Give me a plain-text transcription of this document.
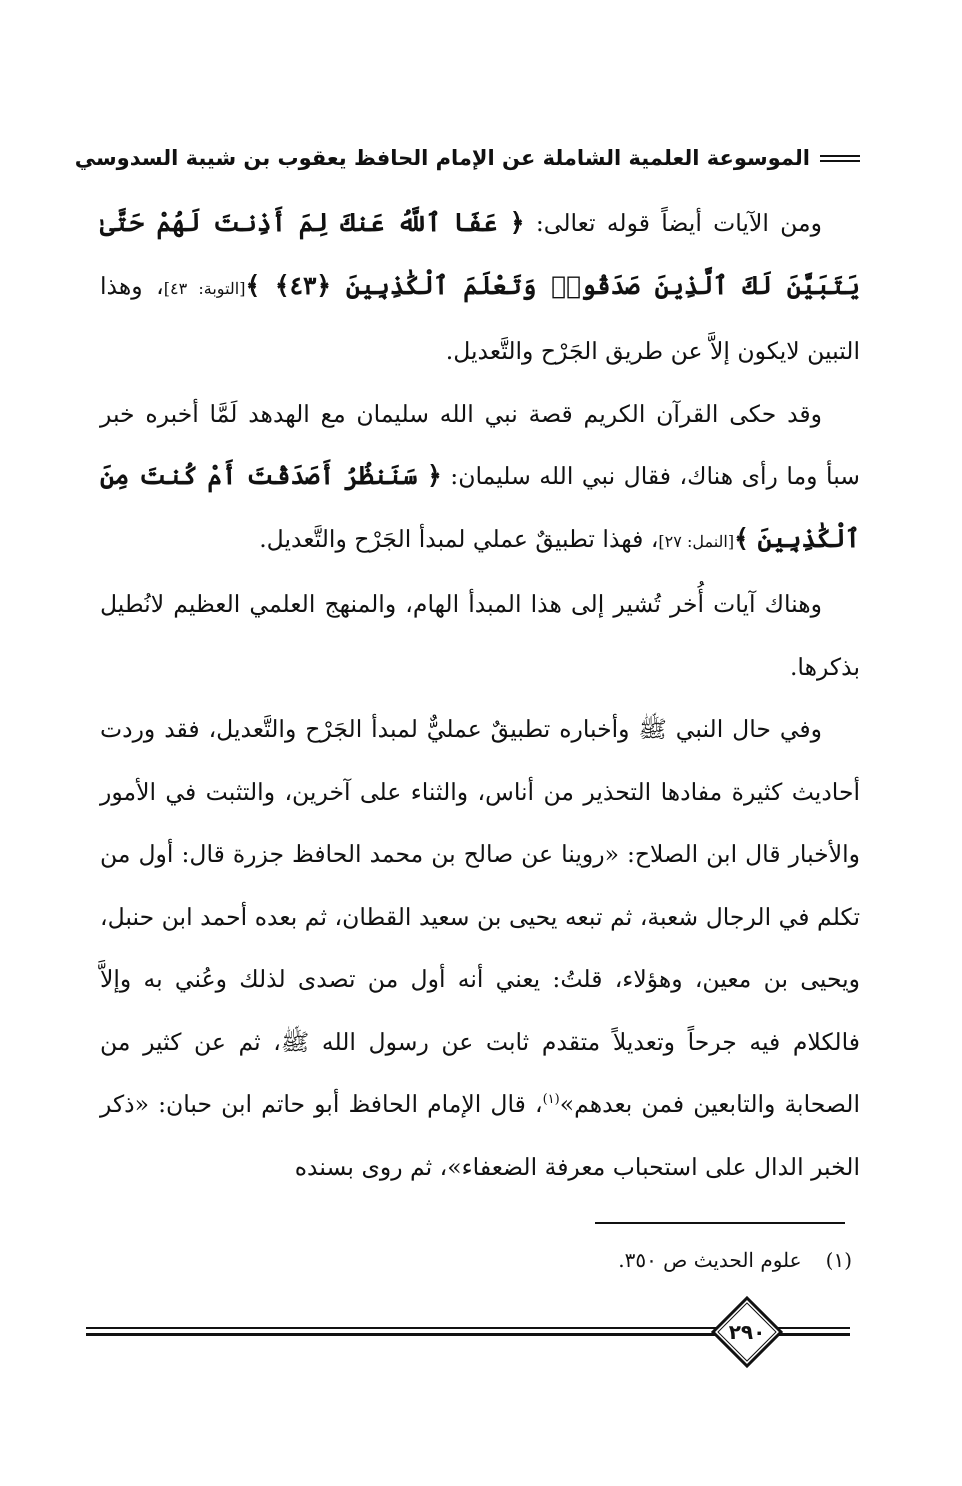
الموسوعة العلمية الشاملة عن الإمام الحافظ يعقوب بن شيبة السدوسي

ومن الآيات أيضاً قوله تعالى: ﴿ عَفَا ٱللَّهُ عَنكَ لِمَ أَذِنتَ لَهُمْ حَتَّىٰ يَتَبَيَّنَ لَكَ ٱلَّذِينَ صَدَقُوا۟ وَتَعْلَمَ ٱلْكَٰذِبِينَ ﴿٤٣﴾ ﴾[التوبة: ٤٣]، وهذا التبين لايكون إلاَّ عن طريق الجَرْح والتَّعديل.

وقد حكى القرآن الكريم قصة نبي الله سليمان مع الهدهد لَمَّا أخبره خبر سبأ وما رأى هناك، فقال نبي الله سليمان: ﴿ سَنَنظُرُ أَصَدَقْتَ أَمْ كُنتَ مِنَ ٱلْكَٰذِبِينَ ﴾[النمل: ٢٧]، فهذا تطبيقٌ عملي لمبدأ الجَرْح والتَّعديل.

وهناك آيات أُخر تُشير إلى هذا المبدأ الهام، والمنهج العلمي العظيم لانُطيل بذكرها.

وفي حال النبي ﷺ وأخباره تطبيقٌ عمليٌّ لمبدأ الجَرْح والتَّعديل، فقد وردت أحاديث كثيرة مفادها التحذير من أناس، والثناء على آخرين، والتثبت في الأمور والأخبار قال ابن الصلاح: «روينا عن صالح بن محمد الحافظ جزرة قال: أول من تكلم في الرجال شعبة، ثم تبعه يحيى بن سعيد القطان، ثم بعده أحمد ابن حنبل، ويحيى بن معين، وهؤلاء، قلتُ: يعني أنه أول من تصدى لذلك وعُني به وإلاَّ فالكلام فيه جرحاً وتعديلاً متقدم ثابت عن رسول الله ﷺ، ثم عن كثير من الصحابة والتابعين فمن بعدهم»$^{(١)}$، قال الإمام الحافظ أبو حاتم ابن حبان: «ذكر الخبر الدال على استحباب معرفة الضعفاء»، ثم روى بسنده

(١)علوم الحديث ص ٣٥٠.
٢٩٠
